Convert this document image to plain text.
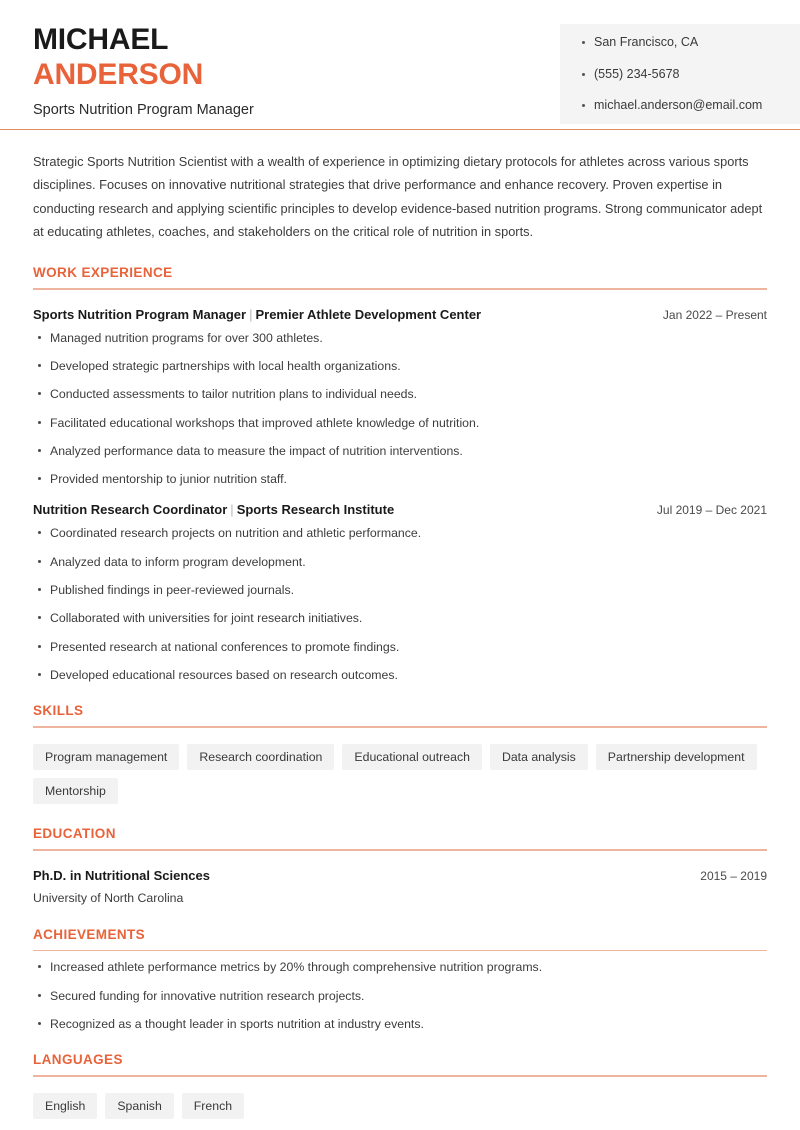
MICHAEL
ANDERSON
Sports Nutrition Program Manager
San Francisco, CA
(555) 234-5678
michael.anderson@email.com

Strategic Sports Nutrition Scientist with a wealth of experience in optimizing dietary protocols for athletes across various sports disciplines. Focuses on innovative nutritional strategies that drive performance and enhance recovery. Proven expertise in conducting research and applying scientific principles to develop evidence-based nutrition programs. Strong communicator adept at educating athletes, coaches, and stakeholders on the critical role of nutrition in sports.

WORK EXPERIENCE
Sports Nutrition Program Manager | Premier Athlete Development Center	Jan 2022 – Present
Managed nutrition programs for over 300 athletes.
Developed strategic partnerships with local health organizations.
Conducted assessments to tailor nutrition plans to individual needs.
Facilitated educational workshops that improved athlete knowledge of nutrition.
Analyzed performance data to measure the impact of nutrition interventions.
Provided mentorship to junior nutrition staff.
Nutrition Research Coordinator | Sports Research Institute	Jul 2019 – Dec 2021
Coordinated research projects on nutrition and athletic performance.
Analyzed data to inform program development.
Published findings in peer-reviewed journals.
Collaborated with universities for joint research initiatives.
Presented research at national conferences to promote findings.
Developed educational resources based on research outcomes.
SKILLS
Program management	Research coordination	Educational outreach	Data analysis	Partnership development
Mentorship
EDUCATION
Ph.D. in Nutritional Sciences	2015 – 2019
University of North Carolina
ACHIEVEMENTS
Increased athlete performance metrics by 20% through comprehensive nutrition programs.
Secured funding for innovative nutrition research projects.
Recognized as a thought leader in sports nutrition at industry events.
LANGUAGES
English	Spanish	French
